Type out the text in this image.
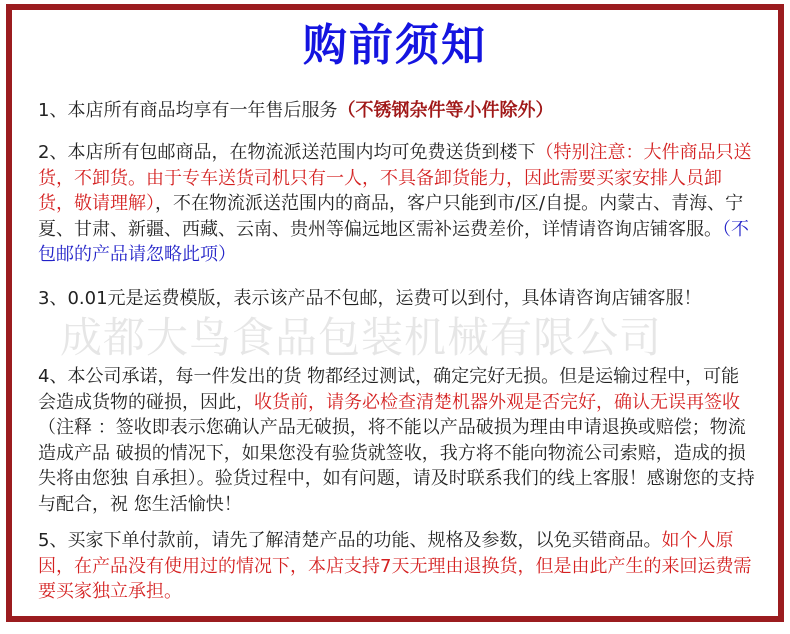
购前须知
1、本店所有商品均享有一年售后服务（不锈钢杂件等小件除外）
2、本店所有包邮商品，在物流派送范围内均可免费送货到楼下（特别注意：大件商品只送货，不卸货。由于专车送货司机只有一人，不具备卸货能力，因此需要买家安排人员卸货，敬请理解），不在物流派送范围内的商品，客户只能到市/区/自提。内蒙古、青海、宁夏、甘肃、新疆、西藏、云南、贵州等偏远地区需补运费差价，详情请咨询店铺客服。（不包邮的产品请忽略此项）
3、0.01元是运费模版，表示该产品不包邮，运费可以到付，具体请咨询店铺客服！
成都大鸟食品包装机械有限公司
4、本公司承诺，每一件发出的货 物都经过测试，确定完好无损。但是运输过程中，可能会造成货物的碰损，因此，收货前，请务必检查清楚机器外观是否完好，确认无误再签收（注释 ：签收即表示您确认产品无破损，将不能以产品破损为理由申请退换或赔偿；物流造成产品 破损的情况下，如果您没有验货就签收，我方将不能向物流公司索赔，造成的损失将由您独 自承担）。验货过程中，如有问题，请及时联系我们的线上客服！感谢您的支持与配合，祝 您生活愉快！
5、买家下单付款前，请先了解清楚产品的功能、规格及参数，以免买错商品。如个人原因，在产品没有使用过的情况下，本店支持7天无理由退换货，但是由此产生的来回运费需要买家独立承担。
